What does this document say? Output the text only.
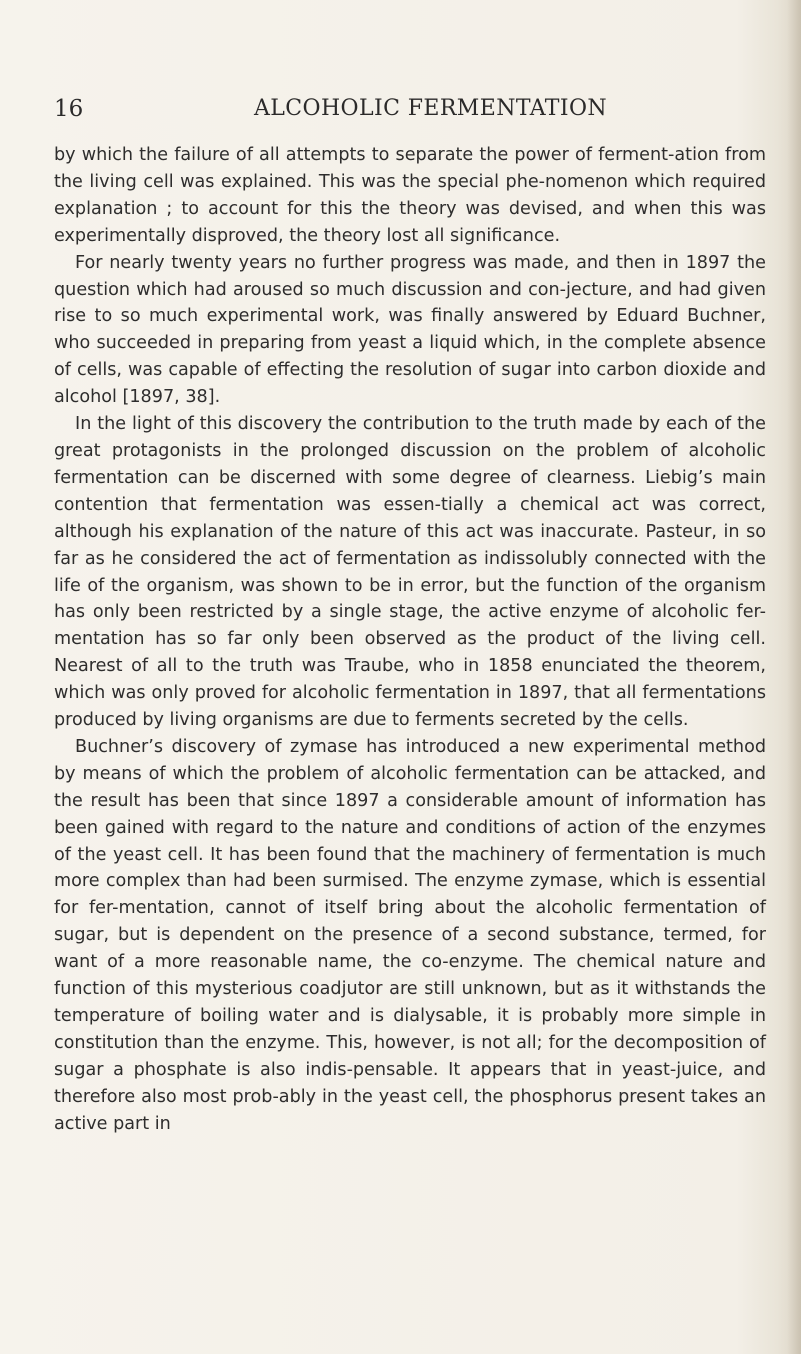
16	ALCOHOLIC FERMENTATION

by which the failure of all attempts to separate the power of ferment-ation from the living cell was explained. This was the special phe-nomenon which required explanation ; to account for this the theory was devised, and when this was experimentally disproved, the theory lost all significance.

For nearly twenty years no further progress was made, and then in 1897 the question which had aroused so much discussion and con-jecture, and had given rise to so much experimental work, was finally answered by Eduard Buchner, who succeeded in preparing from yeast a liquid which, in the complete absence of cells, was capable of effecting the resolution of sugar into carbon dioxide and alcohol [1897, 38].

In the light of this discovery the contribution to the truth made by each of the great protagonists in the prolonged discussion on the problem of alcoholic fermentation can be discerned with some degree of clearness. Liebig’s main contention that fermentation was essen-tially a chemical act was correct, although his explanation of the nature of this act was inaccurate. Pasteur, in so far as he considered the act of fermentation as indissolubly connected with the life of the organism, was shown to be in error, but the function of the organism has only been restricted by a single stage, the active enzyme of alcoholic fer-mentation has so far only been observed as the product of the living cell. Nearest of all to the truth was Traube, who in 1858 enunciated the theorem, which was only proved for alcoholic fermentation in 1897, that all fermentations produced by living organisms are due to ferments secreted by the cells.

Buchner’s discovery of zymase has introduced a new experimental method by means of which the problem of alcoholic fermentation can be attacked, and the result has been that since 1897 a considerable amount of information has been gained with regard to the nature and conditions of action of the enzymes of the yeast cell. It has been found that the machinery of fermentation is much more complex than had been surmised. The enzyme zymase, which is essential for fer-mentation, cannot of itself bring about the alcoholic fermentation of sugar, but is dependent on the presence of a second substance, termed, for want of a more reasonable name, the co-enzyme. The chemical nature and function of this mysterious coadjutor are still unknown, but as it withstands the temperature of boiling water and is dialysable, it is probably more simple in constitution than the enzyme. This, however, is not all; for the decomposition of sugar a phosphate is also indis-pensable. It appears that in yeast-juice, and therefore also most prob-ably in the yeast cell, the phosphorus present takes an active part in
